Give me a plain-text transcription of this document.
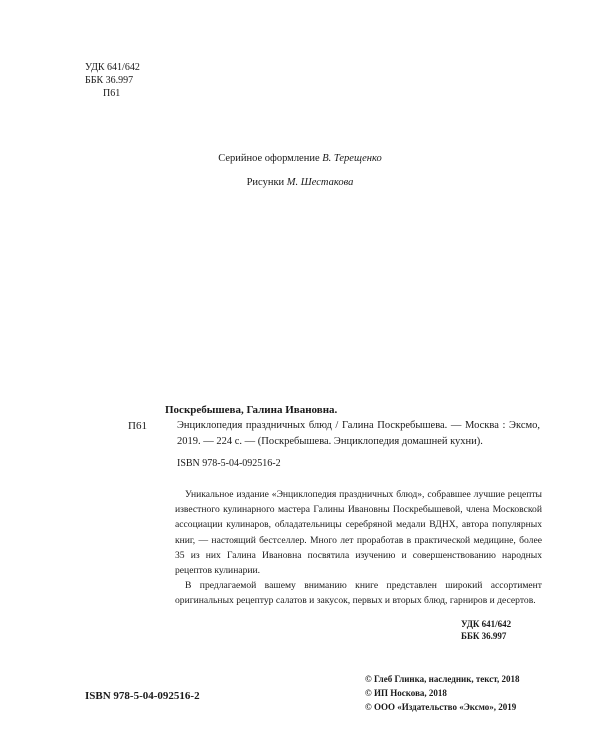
УДК 641/642
ББК 36.997
П61
Серийное оформление В. Терещенко
Рисунки М. Шестакова
П61
Поскребышева, Галина Ивановна.
Энциклопедия праздничных блюд / Галина Поскребышева. — Москва : Эксмо, 2019. — 224 с. — (Поскребышева. Энциклопедия домашней кухни).
ISBN 978-5-04-092516-2

Уникальное издание «Энциклопедия праздничных блюд», собравшее лучшие рецепты известного кулинарного мастера Галины Ивановны Поскребышевой, члена Московской ассоциации кулинаров, обладательницы серебряной медали ВДНХ, автора популярных книг, — настоящий бестселлер. Много лет проработав в практической медицине, более 35 из них Галина Ивановна посвятила изучению и совершенствованию народных рецептов кулинарии.

В предлагаемой вашему вниманию книге представлен широкий ассортимент оригинальных рецептур салатов и закусок, первых и вторых блюд, гарниров и десертов.

УДК 641/642
ББК 36.997
© Глеб Глинка, наследник, текст, 2018
© ИП Носкова, 2018
© ООО «Издательство «Эксмо», 2019
ISBN 978-5-04-092516-2
